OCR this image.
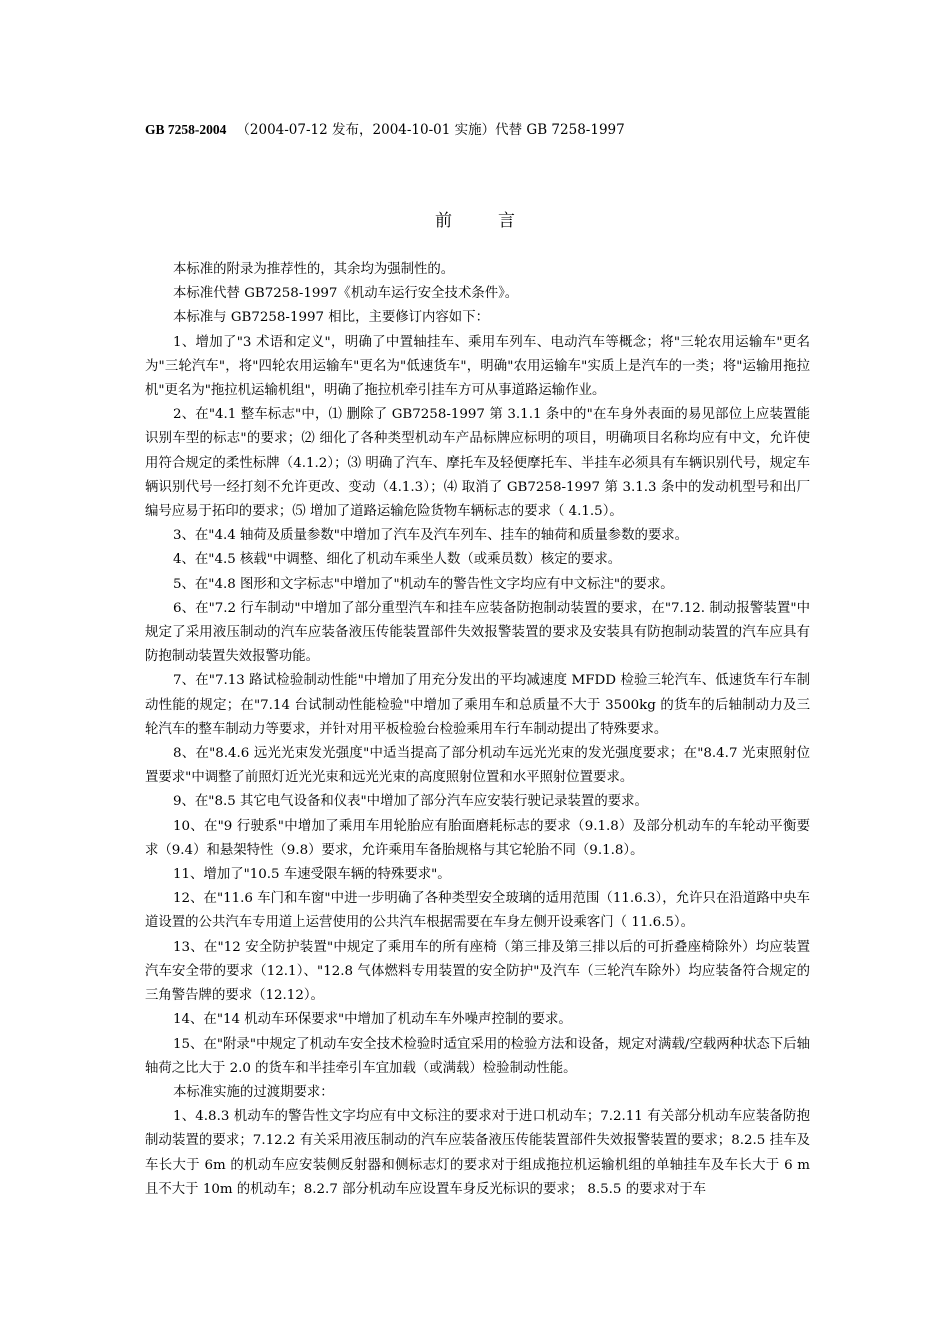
GB 7258-2004 （2004-07-12 发布，2004-10-01 实施）代替 GB 7258-1997
前	言

本标准的附录为推荐性的，其余均为强制性的。

本标准代替 GB7258-1997《机动车运行安全技术条件》。

本标准与 GB7258-1997 相比，主要修订内容如下：

1、增加了"3 术语和定义"，明确了中置轴挂车、乘用车列车、电动汽车等概念；将"三轮农用运输车"更名为"三轮汽车"，将"四轮农用运输车"更名为"低速货车"，明确"农用运输车"实质上是汽车的一类；将"运输用拖拉机"更名为"拖拉机运输机组"，明确了拖拉机牵引挂车方可从事道路运输作业。

2、在"4.1 整车标志"中，⑴ 删除了 GB7258-1997 第 3.1.1 条中的"在车身外表面的易见部位上应装置能识别车型的标志"的要求；⑵ 细化了各种类型机动车产品标牌应标明的项目，明确项目名称均应有中文，允许使用符合规定的柔性标牌（4.1.2）；⑶ 明确了汽车、摩托车及轻便摩托车、半挂车必须具有车辆识别代号，规定车辆识别代号一经打刻不允许更改、变动（4.1.3）；⑷ 取消了 GB7258-1997 第 3.1.3 条中的发动机型号和出厂编号应易于拓印的要求；⑸ 增加了道路运输危险货物车辆标志的要求（ 4.1.5）。

3、在"4.4 轴荷及质量参数"中增加了汽车及汽车列车、挂车的轴荷和质量参数的要求。

4、在"4.5 核载"中调整、细化了机动车乘坐人数（或乘员数）核定的要求。

5、在"4.8 图形和文字标志"中增加了"机动车的警告性文字均应有中文标注"的要求。

6、在"7.2 行车制动"中增加了部分重型汽车和挂车应装备防抱制动装置的要求，在"7.12. 制动报警装置"中规定了采用液压制动的汽车应装备液压传能装置部件失效报警装置的要求及安装具有防抱制动装置的汽车应具有防抱制动装置失效报警功能。

7、在"7.13 路试检验制动性能"中增加了用充分发出的平均减速度 MFDD 检验三轮汽车、低速货车行车制动性能的规定；在"7.14 台试制动性能检验"中增加了乘用车和总质量不大于 3500kg 的货车的后轴制动力及三轮汽车的整车制动力等要求，并针对用平板检验台检验乘用车行车制动提出了特殊要求。

8、在"8.4.6 远光光束发光强度"中适当提高了部分机动车远光光束的发光强度要求；在"8.4.7 光束照射位置要求"中调整了前照灯近光光束和远光光束的高度照射位置和水平照射位置要求。

9、在"8.5 其它电气设备和仪表"中增加了部分汽车应安装行驶记录装置的要求。

10、在"9 行驶系"中增加了乘用车用轮胎应有胎面磨耗标志的要求（9.1.8）及部分机动车的车轮动平衡要求（9.4）和悬架特性（9.8）要求，允许乘用车备胎规格与其它轮胎不同（9.1.8）。

11、增加了"10.5 车速受限车辆的特殊要求"。

12、在"11.6 车门和车窗"中进一步明确了各种类型安全玻璃的适用范围（11.6.3），允许只在沿道路中央车道设置的公共汽车专用道上运营使用的公共汽车根据需要在车身左侧开设乘客门（ 11.6.5）。

13、在"12 安全防护装置"中规定了乘用车的所有座椅（第三排及第三排以后的可折叠座椅除外）均应装置汽车安全带的要求（12.1）、"12.8 气体燃料专用装置的安全防护"及汽车（三轮汽车除外）均应装备符合规定的三角警告牌的要求（12.12）。

14、在"14 机动车环保要求"中增加了机动车车外噪声控制的要求。

15、在"附录"中规定了机动车安全技术检验时适宜采用的检验方法和设备，规定对满载/空载两种状态下后轴轴荷之比大于 2.0 的货车和半挂牵引车宜加载（或满载）检验制动性能。

本标准实施的过渡期要求：

1、4.8.3 机动车的警告性文字均应有中文标注的要求对于进口机动车；7.2.11 有关部分机动车应装备防抱制动装置的要求；7.12.2 有关采用液压制动的汽车应装备液压传能装置部件失效报警装置的要求；8.2.5 挂车及车长大于 6m 的机动车应安装侧反射器和侧标志灯的要求对于组成拖拉机运输机组的单轴挂车及车长大于 6 m 且不大于 10m 的机动车；8.2.7 部分机动车应设置车身反光标识的要求； 8.5.5 的要求对于车
